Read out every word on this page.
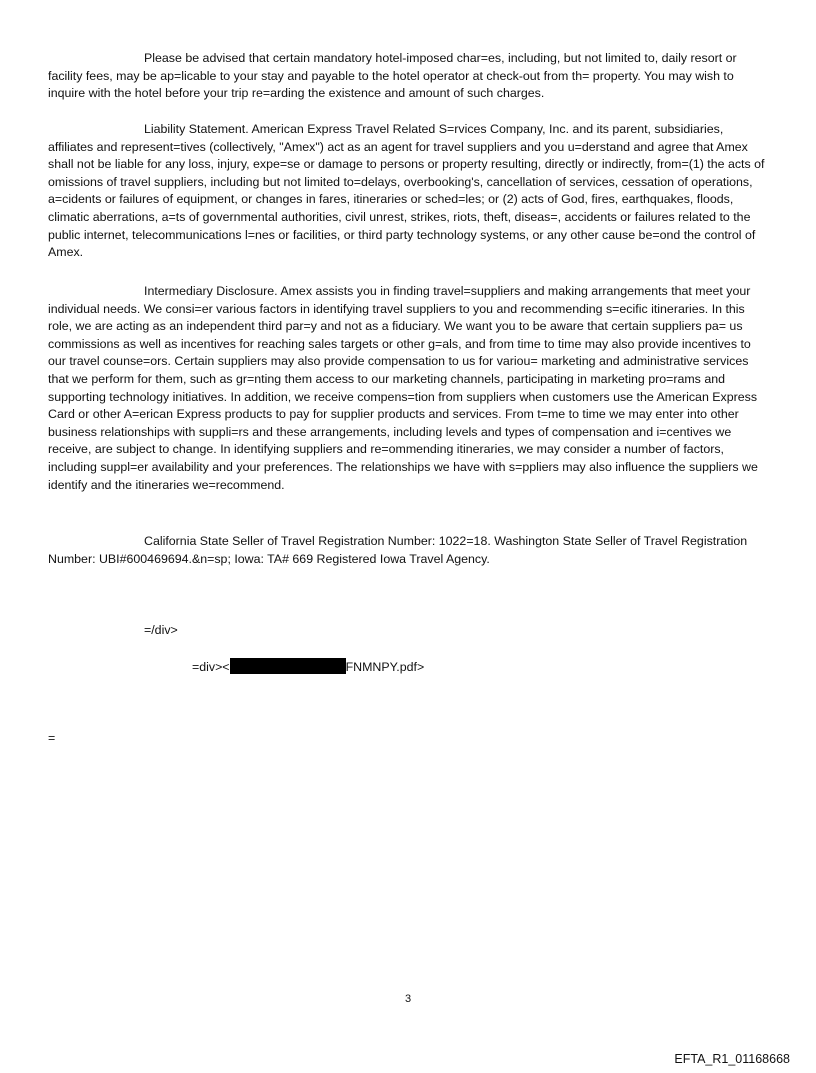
Please be advised that certain mandatory hotel-imposed char=es, including, but not limited to, daily resort or facility fees, may be ap=licable to your stay and payable to the hotel operator at check-out from th= property. You may wish to inquire with the hotel before your trip re=arding the existence and amount of such charges.

Liability Statement. American Express Travel Related S=rvices Company, Inc. and its parent, subsidiaries, affiliates and represent=tives (collectively, "Amex") act as an agent for travel suppliers and you u=derstand and agree that Amex shall not be liable for any loss, injury, expe=se or damage to persons or property resulting, directly or indirectly, from=(1) the acts of omissions of travel suppliers, including but not limited to=delays, overbooking's, cancellation of services, cessation of operations, a=cidents or failures of equipment, or changes in fares, itineraries or sched=les; or (2) acts of God, fires, earthquakes, floods, climatic aberrations, a=ts of governmental authorities, civil unrest, strikes, riots, theft, diseas=, accidents or failures related to the public internet, telecommunications l=nes or facilities, or third party technology systems, or any other cause be=ond the control of Amex.

Intermediary Disclosure. Amex assists you in finding travel=suppliers and making arrangements that meet your individual needs. We consi=er various factors in identifying travel suppliers to you and recommending s=ecific itineraries. In this role, we are acting as an independent third par=y and not as a fiduciary. We want you to be aware that certain suppliers pa= us commissions as well as incentives for reaching sales targets or other g=als, and from time to time may also provide incentives to our travel counse=ors. Certain suppliers may also provide compensation to us for variou= marketing and administrative services that we perform for them, such as gr=nting them access to our marketing channels, participating in marketing pro=rams and supporting technology initiatives. In addition, we receive compens=tion from suppliers when customers use the American Express Card or other A=erican Express products to pay for supplier products and services. From t=me to time we may enter into other business relationships with suppli=rs and these arrangements, including levels and types of compensation and i=centives we receive, are subject to change. In identifying suppliers and re=ommending itineraries, we may consider a number of factors, including suppl=er availability and your preferences. The relationships we have with s=ppliers may also influence the suppliers we identify and the itineraries we=recommend.

California State Seller of Travel Registration Number: 1022=18. Washington State Seller of Travel Registration Number: UBI#600469694.&n=sp; Iowa: TA# 669 Registered Iowa Travel Agency.

=/div>

=div><	FNMNPY.pdf>

=

3

EFTA_R1_01168668
